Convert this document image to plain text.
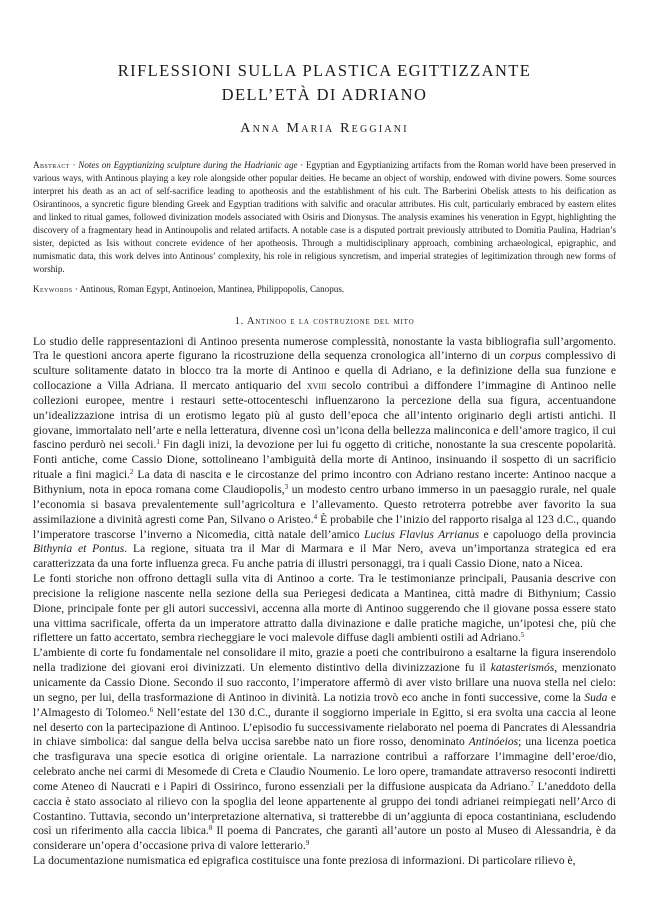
RIFLESSIONI SULLA PLASTICA EGITTIZZANTE
DELL’ETÀ DI ADRIANO
Anna Maria Reggiani
Abstract · Notes on Egyptianizing sculpture during the Hadrianic age · Egyptian and Egyptianizing artifacts from the Roman world have been preserved in various ways, with Antinous playing a key role alongside other popular deities. He became an object of worship, endowed with divine powers. Some sources interpret his death as an act of self-sacrifice leading to apotheosis and the establishment of his cult. The Barberini Obelisk attests to his deification as Osirantinoos, a syncretic figure blending Greek and Egyptian traditions with salvific and oracular attributes. His cult, particularly embraced by eastern elites and linked to ritual games, followed divinization models associated with Osiris and Dionysus. The analysis examines his veneration in Egypt, highlighting the discovery of a fragmentary head in Antinoupolis and related artifacts. A notable case is a disputed portrait previously attributed to Domitia Paulina, Hadrian’s sister, depicted as Isis without concrete evidence of her apotheosis. Through a multidisciplinary approach, combining archaeological, epigraphic, and numismatic data, this work delves into Antinous’ complexity, his role in religious syncretism, and imperial strategies of legitimization through new forms of worship.
Keywords · Antinous, Roman Egypt, Antinoeion, Mantinea, Philippopolis, Canopus.
1. Antinoo e la costruzione del mito

Lo studio delle rappresentazioni di Antinoo presenta numerose complessità, nonostante la vasta bibliografia sull’argomento. Tra le questioni ancora aperte figurano la ricostruzione della sequenza cronologica all’interno di un corpus complessivo di sculture solitamente datato in blocco tra la morte di Antinoo e quella di Adriano, e la definizione della sua funzione e collocazione a Villa Adriana. Il mercato antiquario del xviii secolo contribuì a diffondere l’immagine di Antinoo nelle collezioni europee, mentre i restauri sette-ottocenteschi influenzarono la percezione della sua figura, accentuandone un’idealizzazione intrisa di un erotismo legato più al gusto dell’epoca che all’intento originario degli artisti antichi. Il giovane, immortalato nell’arte e nella letteratura, divenne così un’icona della bellezza malinconica e dell’amore tragico, il cui fascino perdurò nei secoli.$^1$ Fin dagli inizi, la devozione per lui fu oggetto di critiche, nonostante la sua crescente popolarità. Fonti antiche, come Cassio Dione, sottolineano l’ambiguità della morte di Antinoo, insinuando il sospetto di un sacrificio rituale a fini magici.$^2$ La data di nascita e le circostanze del primo incontro con Adriano restano incerte: Antinoo nacque a Bithynium, nota in epoca romana come Claudiopolis,$^3$ un modesto centro urbano immerso in un paesaggio rurale, nel quale l’economia si basava prevalentemente sull’agricoltura e l’allevamento. Questo retroterra potrebbe aver favorito la sua assimilazione a divinità agresti come Pan, Silvano o Aristeo.$^4$ È probabile che l’inizio del rapporto risalga al 123 d.C., quando l’imperatore trascorse l’inverno a Nicomedia, città natale dell’amico Lucius Flavius Arrianus e capoluogo della provincia Bithynia et Pontus. La regione, situata tra il Mar di Marmara e il Mar Nero, aveva un’importanza strategica ed era caratterizzata da una forte influenza greca. Fu anche patria di illustri personaggi, tra i quali Cassio Dione, nato a Nicea.

Le fonti storiche non offrono dettagli sulla vita di Antinoo a corte. Tra le testimonianze principali, Pausania descrive con precisione la religione nascente nella sezione della sua Periegesi dedicata a Mantinea, città madre di Bithynium; Cassio Dione, principale fonte per gli autori successivi, accenna alla morte di Antinoo suggerendo che il giovane possa essere stato una vittima sacrificale, offerta da un imperatore attratto dalla divinazione e dalle pratiche magiche, un’ipotesi che, più che riflettere un fatto accertato, sembra riecheggiare le voci malevole diffuse dagli ambienti ostili ad Adriano.$^5$

L’ambiente di corte fu fondamentale nel consolidare il mito, grazie a poeti che contribuirono a esaltarne la figura inserendolo nella tradizione dei giovani eroi divinizzati. Un elemento distintivo della divinizzazione fu il katasterismós, menzionato unicamente da Cassio Dione. Secondo il suo racconto, l’imperatore affermò di aver visto brillare una nuova stella nel cielo: un segno, per lui, della trasformazione di Antinoo in divinità. La notizia trovò eco anche in fonti successive, come la Suda e l’Almagesto di Tolomeo.$^6$ Nell’estate del 130 d.C., durante il soggiorno imperiale in Egitto, si era svolta una caccia al leone nel deserto con la partecipazione di Antinoo. L’episodio fu successivamente rielaborato nel poema di Pancrates di Alessandria in chiave simbolica: dal sangue della belva uccisa sarebbe nato un fiore rosso, denominato Antinóeios; una licenza poetica che trasfigurava una specie esotica di origine orientale. La narrazione contribuì a rafforzare l’immagine dell’eroe/dio, celebrato anche nei carmi di Mesomede di Creta e Claudio Noumenio. Le loro opere, tramandate attraverso resoconti indiretti come Ateneo di Naucrati e i Papiri di Ossirinco, furono essenziali per la diffusione auspicata da Adriano.$^7$ L’aneddoto della caccia è stato associato al rilievo con la spoglia del leone appartenente al gruppo dei tondi adrianei reimpiegati nell’Arco di Costantino. Tuttavia, secondo un’interpretazione alternativa, si tratterebbe di un’aggiunta di epoca costantiniana, escludendo così un riferimento alla caccia libica.$^8$ Il poema di Pancrates, che garantì all’autore un posto al Museo di Alessandria, è da considerare un’opera d’occasione priva di valore letterario.$^9$

La documentazione numismatica ed epigrafica costituisce una fonte preziosa di informazioni. Di particolare rilievo è,
